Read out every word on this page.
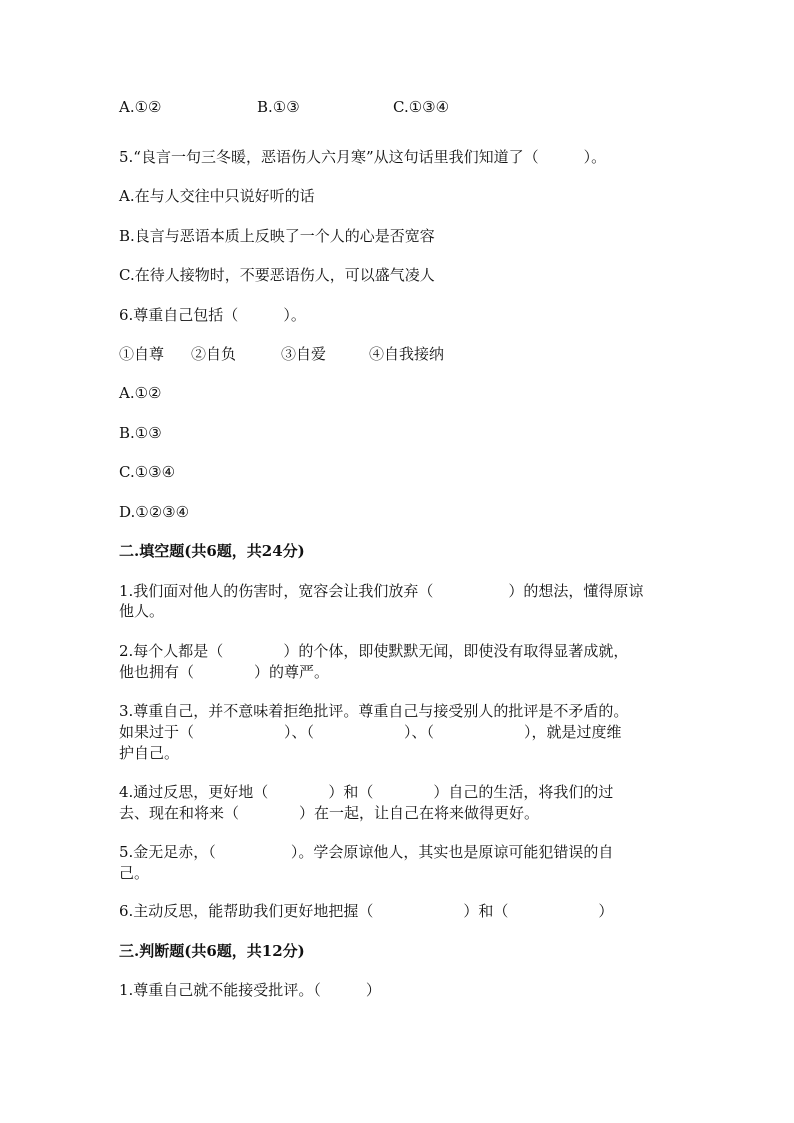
A.①②	B.①③	C.①③④
5.“良言一句三冬暖，恶语伤人六月寒”从这句话里我们知道了（　　　）。
A.在与人交往中只说好听的话
B.良言与恶语本质上反映了一个人的心是否宽容
C.在待人接物时，不要恶语伤人，可以盛气凌人
6.尊重自己包括（　　　）。
①自尊 ②自负	③自爱	④自我接纳
A.①②
B.①③
C.①③④
D.①②③④
二.填空题(共6题，共24分)
1.我们面对他人的伤害时，宽容会让我们放弃（　　　　　）的想法，懂得原谅
他人。
2.每个人都是（　　　　）的个体，即使默默无闻，即使没有取得显著成就，
他也拥有（　　　　）的尊严。
3.尊重自己，并不意味着拒绝批评。尊重自己与接受别人的批评是不矛盾的。
如果过于（　　　　　　）、（　　　　　　）、（　　　　　　），就是过度维
护自己。
4.通过反思，更好地（　　　　）和（　　　　）自己的生活，将我们的过
去、现在和将来（　　　　）在一起，让自己在将来做得更好。
5.金无足赤，（　　　　　）。学会原谅他人，其实也是原谅可能犯错误的自
己。
6.主动反思，能帮助我们更好地把握（　　　　　　）和（　　　　　　）
三.判断题(共6题，共12分)
1.尊重自己就不能接受批评。（　　　）
